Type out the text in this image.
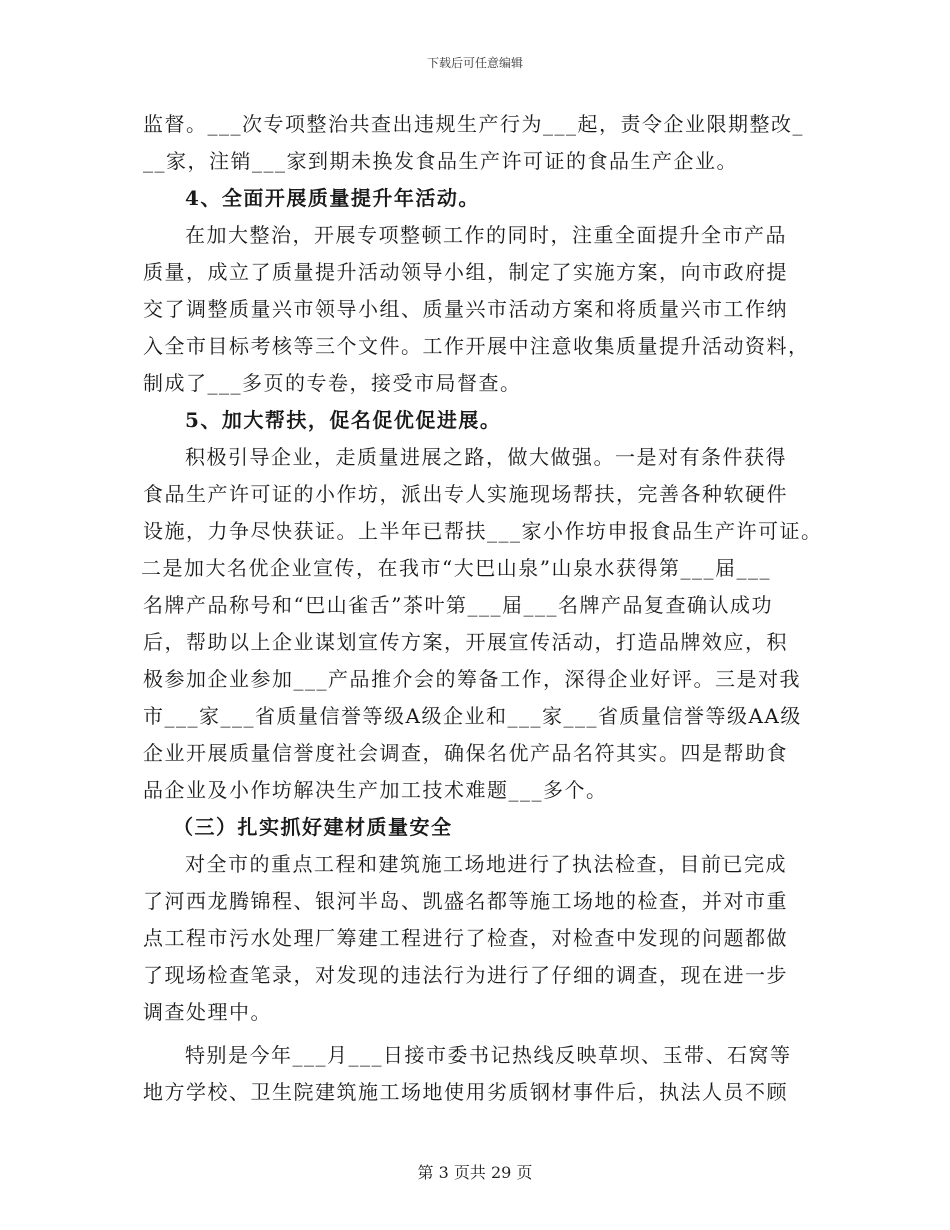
下载后可任意编辑
监督。___次专项整治共查出违规生产行为___起，责令企业限期整改_
__家，注销___家到期未换发食品生产许可证的食品生产企业。
4、全面开展质量提升年活动。
在加大整治，开展专项整顿工作的同时，注重全面提升全市产品
质量，成立了质量提升活动领导小组，制定了实施方案，向市政府提
交了调整质量兴市领导小组、质量兴市活动方案和将质量兴市工作纳
入全市目标考核等三个文件。工作开展中注意收集质量提升活动资料，
制成了___多页的专卷，接受市局督查。
5、加大帮扶，促名促优促进展。
积极引导企业，走质量进展之路，做大做强。一是对有条件获得
食品生产许可证的小作坊，派出专人实施现场帮扶，完善各种软硬件
设施，力争尽快获证。上半年已帮扶___家小作坊申报食品生产许可证。
二是加大名优企业宣传，在我市“大巴山泉”山泉水获得第___届___
名牌产品称号和“巴山雀舌”茶叶第___届___名牌产品复查确认成功
后，帮助以上企业谋划宣传方案，开展宣传活动，打造品牌效应，积
极参加企业参加___产品推介会的筹备工作，深得企业好评。三是对我
市___家___省质量信誉等级A级企业和___家___省质量信誉等级AA级
企业开展质量信誉度社会调查，确保名优产品名符其实。四是帮助食
品企业及小作坊解决生产加工技术难题___多个。
（三）扎实抓好建材质量安全
对全市的重点工程和建筑施工场地进行了执法检查，目前已完成
了河西龙腾锦程、银河半岛、凯盛名都等施工场地的检查，并对市重
点工程市污水处理厂筹建工程进行了检查，对检查中发现的问题都做
了现场检查笔录，对发现的违法行为进行了仔细的调查，现在进一步
调查处理中。
特别是今年___月___日接市委书记热线反映草坝、玉带、石窝等
地方学校、卫生院建筑施工场地使用劣质钢材事件后，执法人员不顾
第 3 页共 29 页
